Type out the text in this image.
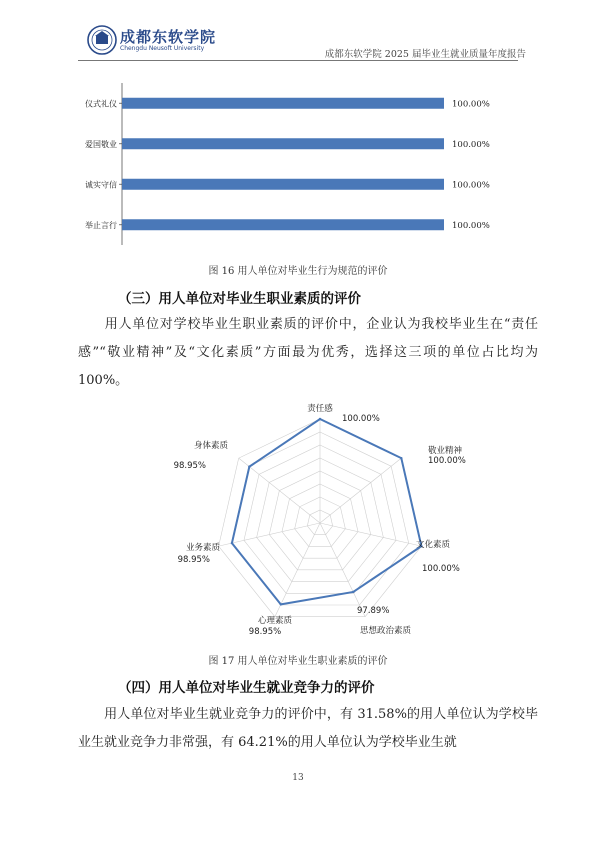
成都东软学院
Chengdu Neusoft University
成都东软学院 2025 届毕业生就业质量年度报告
仪式礼仪	100.00%
爱国敬业	100.00%
诚实守信	100.00%
举止言行	100.00%
图 16 用人单位对毕业生行为规范的评价
（三）用人单位对毕业生职业素质的评价
用人单位对学校毕业生职业素质的评价中，企业认为我校毕业生在“责任感”“敬业精神”及“文化素质”方面最为优秀，选择这三项的单位占比均为 100%。
责任感
100.00%
敬业精神
100.00%
文化素质
100.00%
思想政治素质
97.89%
心理素质
98.95%
业务素质
98.95%
身体素质
98.95%
图 17 用人单位对毕业生职业素质的评价
（四）用人单位对毕业生就业竞争力的评价
用人单位对毕业生就业竞争力的评价中，有 31.58%的用人单位认为学校毕业生就业竞争力非常强，有 64.21%的用人单位认为学校毕业生就
13
